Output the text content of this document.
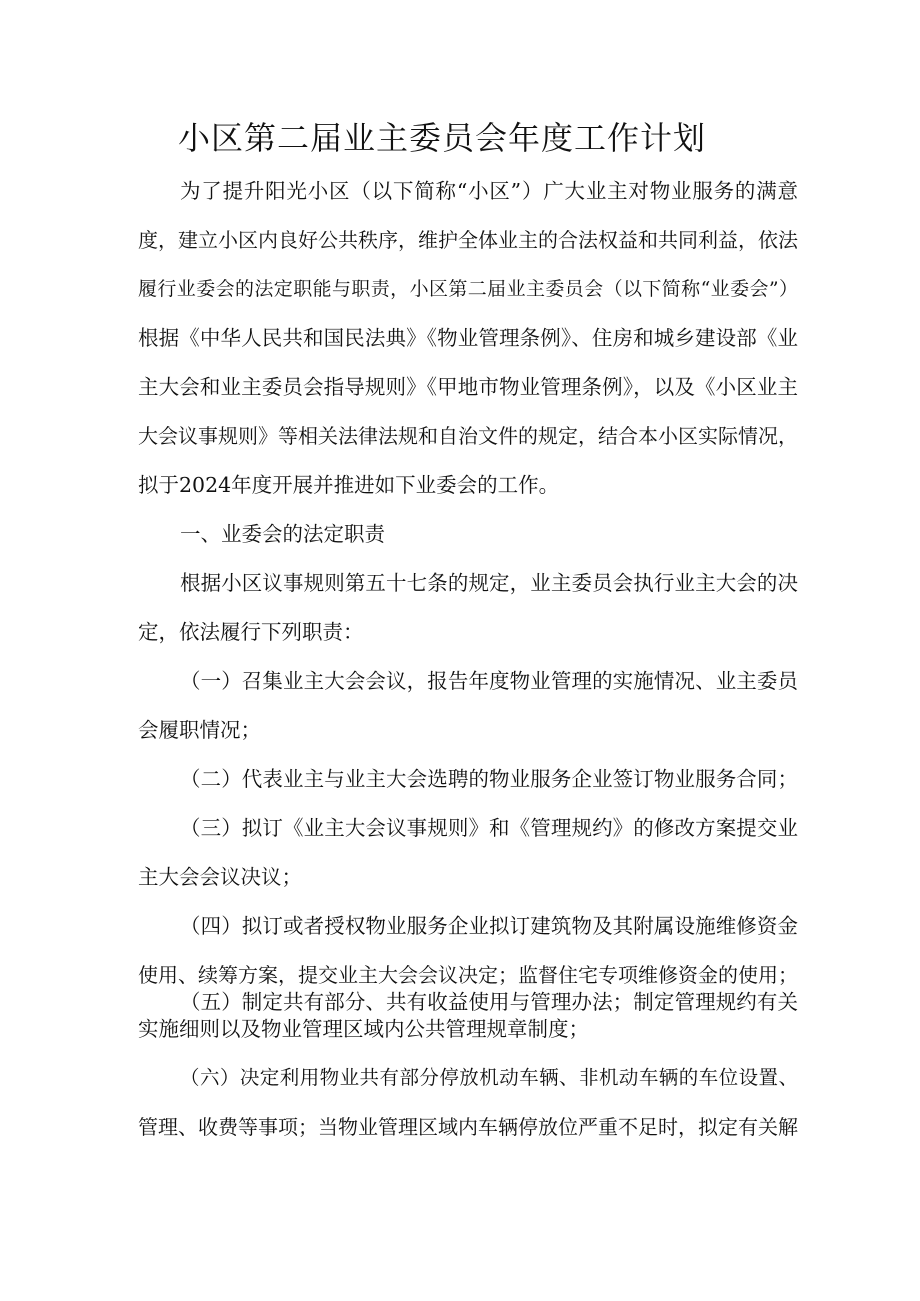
小区第二届业主委员会年度工作计划

为了提升阳光小区（以下简称“小区”）广大业主对物业服务的满意

度，建立小区内良好公共秩序，维护全体业主的合法权益和共同利益，依法

履行业委会的法定职能与职责，小区第二届业主委员会（以下简称“业委会”）

根据《中华人民共和国民法典》《物业管理条例》、住房和城乡建设部《业

主大会和业主委员会指导规则》《甲地市物业管理条例》，以及《小区业主

大会议事规则》等相关法律法规和自治文件的规定，结合本小区实际情况，

拟于2024年度开展并推进如下业委会的工作。

一、业委会的法定职责

根据小区议事规则第五十七条的规定，业主委员会执行业主大会的决

定，依法履行下列职责：

（一）召集业主大会会议，报告年度物业管理的实施情况、业主委员

会履职情况；

（二）代表业主与业主大会选聘的物业服务企业签订物业服务合同；

（三）拟订《业主大会议事规则》和《管理规约》的修改方案提交业

主大会会议决议；

（四）拟订或者授权物业服务企业拟订建筑物及其附属设施维修资金

使用、续筹方案，提交业主大会会议决定；监督住宅专项维修资金的使用；

（五）制定共有部分、共有收益使用与管理办法；制定管理规约有关

实施细则以及物业管理区域内公共管理规章制度；

（六）决定利用物业共有部分停放机动车辆、非机动车辆的车位设置、

管理、收费等事项；当物业管理区域内车辆停放位严重不足时，拟定有关解
